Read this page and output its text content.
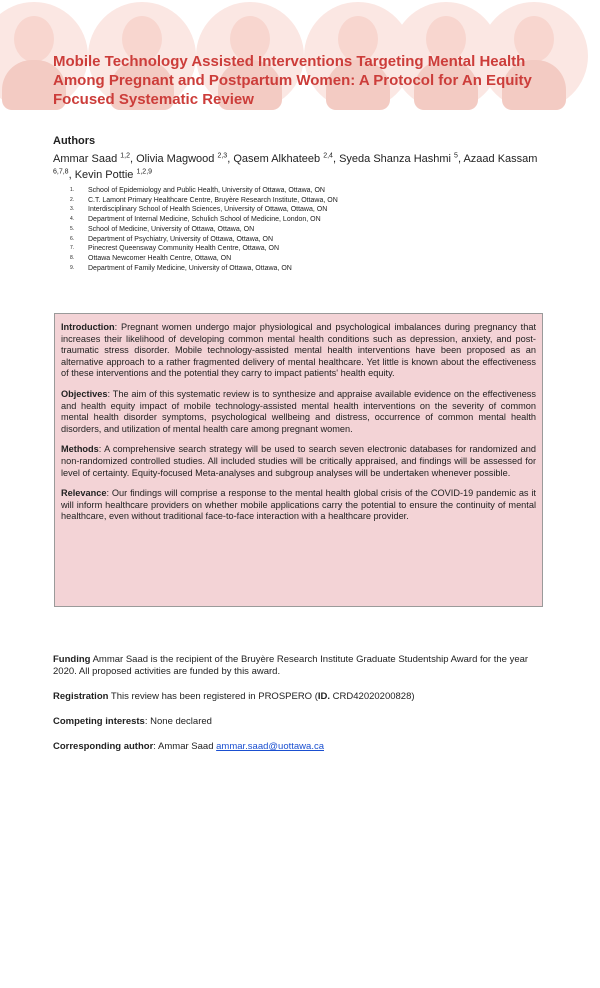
Mobile Technology Assisted Interventions Targeting Mental Health Among Pregnant and Postpartum Women: A Protocol for An Equity Focused Systematic Review
Authors

Ammar Saad $^{1,2}$, Olivia Magwood $^{2,3}$, Qasem Alkhateeb $^{2,4}$, Syeda Shanza Hashmi $^5$, Azaad Kassam $^{6,7,8}$, Kevin Pottie $^{1,2,9}$

1.	School of Epidemiology and Public Health, University of Ottawa, Ottawa, ON
2.	C.T. Lamont Primary Healthcare Centre, Bruyère Research Institute, Ottawa, ON
3.	Interdisciplinary School of Health Sciences, University of Ottawa, Ottawa, ON
4.	Department of Internal Medicine, Schulich School of Medicine, London, ON
5.	School of Medicine, University of Ottawa, Ottawa, ON
6.	Department of Psychiatry, University of Ottawa, Ottawa, ON
7.	Pinecrest Queensway Community Health Centre, Ottawa, ON
8.	Ottawa Newcomer Health Centre, Ottawa, ON
9.	Department of Family Medicine, University of Ottawa, Ottawa, ON

Introduction: Pregnant women undergo major physiological and psychological imbalances during pregnancy that increases their likelihood of developing common mental health conditions such as depression, anxiety, and post-traumatic stress disorder. Mobile technology-assisted mental health interventions have been proposed as an alternative approach to a rather fragmented delivery of mental healthcare. Yet little is known about the effectiveness of these interventions and the potential they carry to impact patients' health equity.

Objectives: The aim of this systematic review is to synthesize and appraise available evidence on the effectiveness and health equity impact of mobile technology-assisted mental health interventions on the severity of common mental health disorder symptoms, psychological wellbeing and distress, occurrence of common mental health disorders, and utilization of mental health care among pregnant women.

Methods: A comprehensive search strategy will be used to search seven electronic databases for randomized and non-randomized controlled studies. All included studies will be critically appraised, and findings will be assessed for level of certainty. Equity-focused Meta-analyses and subgroup analyses will be undertaken whenever possible.

Relevance: Our findings will comprise a response to the mental health global crisis of the COVID-19 pandemic as it will inform healthcare providers on whether mobile applications carry the potential to ensure the continuity of mental healthcare, even without traditional face-to-face interaction with a healthcare provider.

Funding Ammar Saad is the recipient of the Bruyère Research Institute Graduate Studentship Award for the year 2020. All proposed activities are funded by this award.

Registration This review has been registered in PROSPERO (ID. CRD42020200828)

Competing interests: None declared

Corresponding author: Ammar Saad ammar.saad@uottawa.ca
